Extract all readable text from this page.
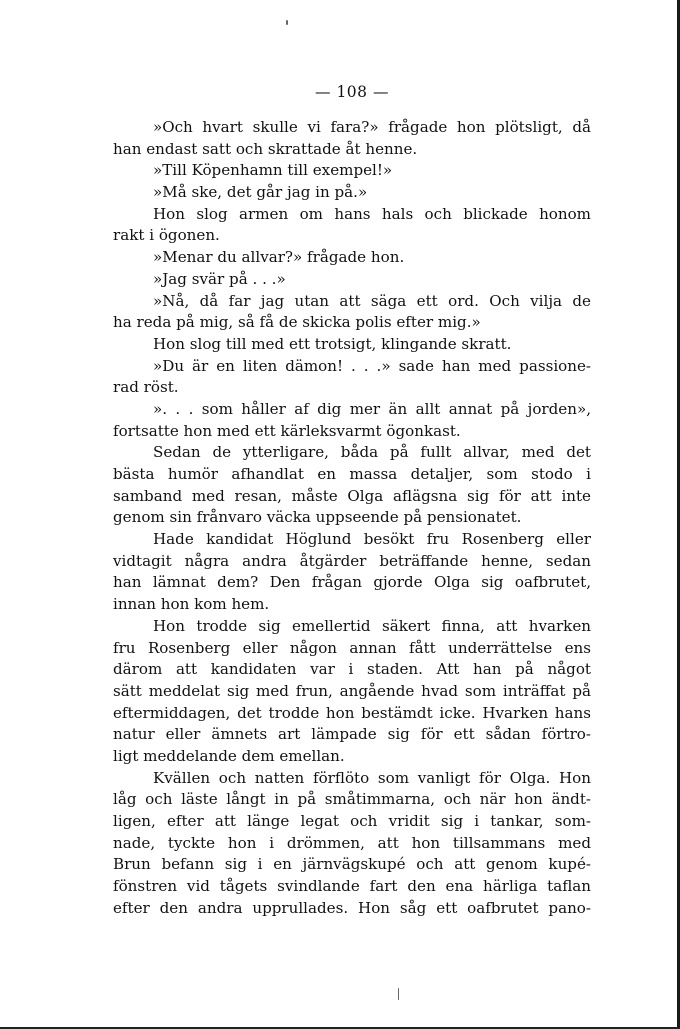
— 108 —
»Och hvart skulle vi fara?» frågade hon plötsligt, då
han endast satt och skrattade åt henne.
»Till Köpenhamn till exempel!»
»Må ske, det går jag in på.»
Hon slog armen om hans hals och blickade honom
rakt i ögonen.
»Menar du allvar?» frågade hon.
»Jag svär på . . .»
»Nå, då far jag utan att säga ett ord. Och vilja de
ha reda på mig, så få de skicka polis efter mig.»
Hon slog till med ett trotsigt, klingande skratt.
»Du är en liten dämon! . . .» sade han med passione-
rad röst.
». . . som håller af dig mer än allt annat på jorden»,
fortsatte hon med ett kärleksvarmt ögonkast.
Sedan de ytterligare, båda på fullt allvar, med det
bästa humör afhandlat en massa detaljer, som stodo i
samband med resan, måste Olga aflägsna sig för att inte
genom sin frånvaro väcka uppseende på pensionatet.
Hade kandidat Höglund besökt fru Rosenberg eller
vidtagit några andra åtgärder beträffande henne, sedan
han lämnat dem? Den frågan gjorde Olga sig oafbrutet,
innan hon kom hem.
Hon trodde sig emellertid säkert finna, att hvarken
fru Rosenberg eller någon annan fått underrättelse ens
därom att kandidaten var i staden. Att han på något
sätt meddelat sig med frun, angående hvad som inträffat på
eftermiddagen, det trodde hon bestämdt icke. Hvarken hans
natur eller ämnets art lämpade sig för ett sådan förtro-
ligt meddelande dem emellan.
Kvällen och natten förflöto som vanligt för Olga. Hon
låg och läste långt in på småtimmarna, och när hon ändt-
ligen, efter att länge legat och vridit sig i tankar, som-
nade, tyckte hon i drömmen, att hon tillsammans med
Brun befann sig i en järnvägskupé och att genom kupé-
fönstren vid tågets svindlande fart den ena härliga taflan
efter den andra upprullades. Hon såg ett oafbrutet pano-
